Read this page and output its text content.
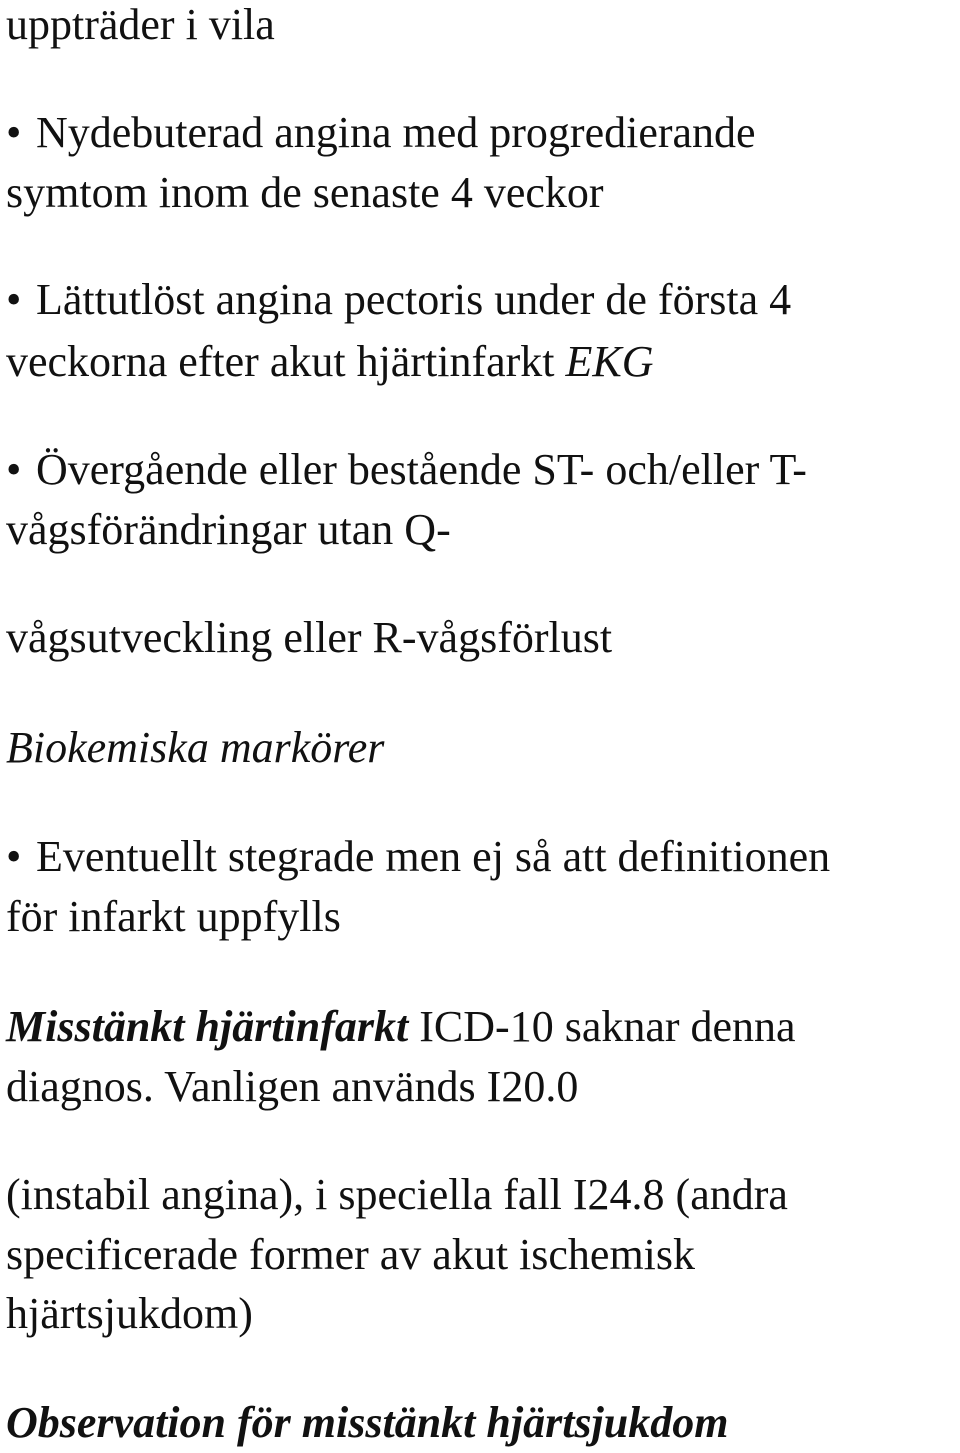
uppträder i vila
• Nydebuterad angina med progredierande
symtom inom de senaste 4 veckor
• Lättutlöst angina pectoris under de första 4
veckorna efter akut hjärtinfarkt EKG
• Övergående eller bestående ST- och/eller T-
vågsförändringar utan Q-
vågsutveckling eller R-vågsförlust
Biokemiska markörer
• Eventuellt stegrade men ej så att definitionen
för infarkt uppfylls
Misstänkt hjärtinfarkt ICD-10 saknar denna
diagnos. Vanligen används I20.0
(instabil angina), i speciella fall I24.8 (andra
specificerade former av akut ischemisk
hjärtsjukdom)
Observation för misstänkt hjärtsjukdom
